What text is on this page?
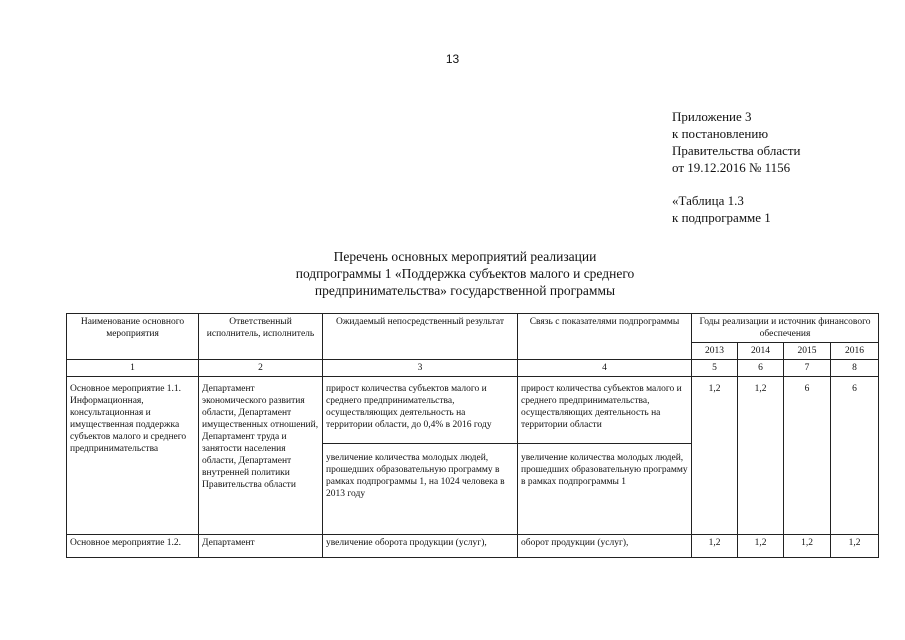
13
Приложение 3
к постановлению
Правительства области
от 19.12.2016 № 1156
«Таблица 1.3
к подпрограмме 1
Перечень основных мероприятий реализации
подпрограммы 1 «Поддержка субъектов малого и среднего
предпринимательства» государственной программы
Наименование основного мероприятия	Ответственный исполнитель, исполнитель	Ожидаемый непосредственный результат	Связь с показателями подпрограммы	Годы реализации и источник финансового обеспечения			
				2013	2014	2015	2016
1	2	3	4	5	6	7	8
Основное мероприятие 1.1. Информационная, консультационная и имущественная поддержка субъектов малого и среднего предпринимательства	Департамент экономического развития области, Департамент имущественных отношений, Департамент труда и занятости населения области, Департамент внутренней политики Правительства области	прирост количества субъектов малого и среднего предпринимательства, осуществляющих деятельность на территории области, до 0,4% в 2016 году	прирост количества субъектов малого и среднего предпринимательства, осуществляющих деятельность на территории области	1,2	1,2	6	6
		увеличение количества молодых людей, прошедших образовательную программу в рамках подпрограммы 1, на 1024 человека в 2013 году	увеличение количества молодых людей, прошедших образовательную программу в рамках подпрограммы 1				
Основное мероприятие 1.2.	Департамент	увеличение оборота продукции (услуг),	оборот продукции (услуг),	1,2	1,2	1,2	1,2
